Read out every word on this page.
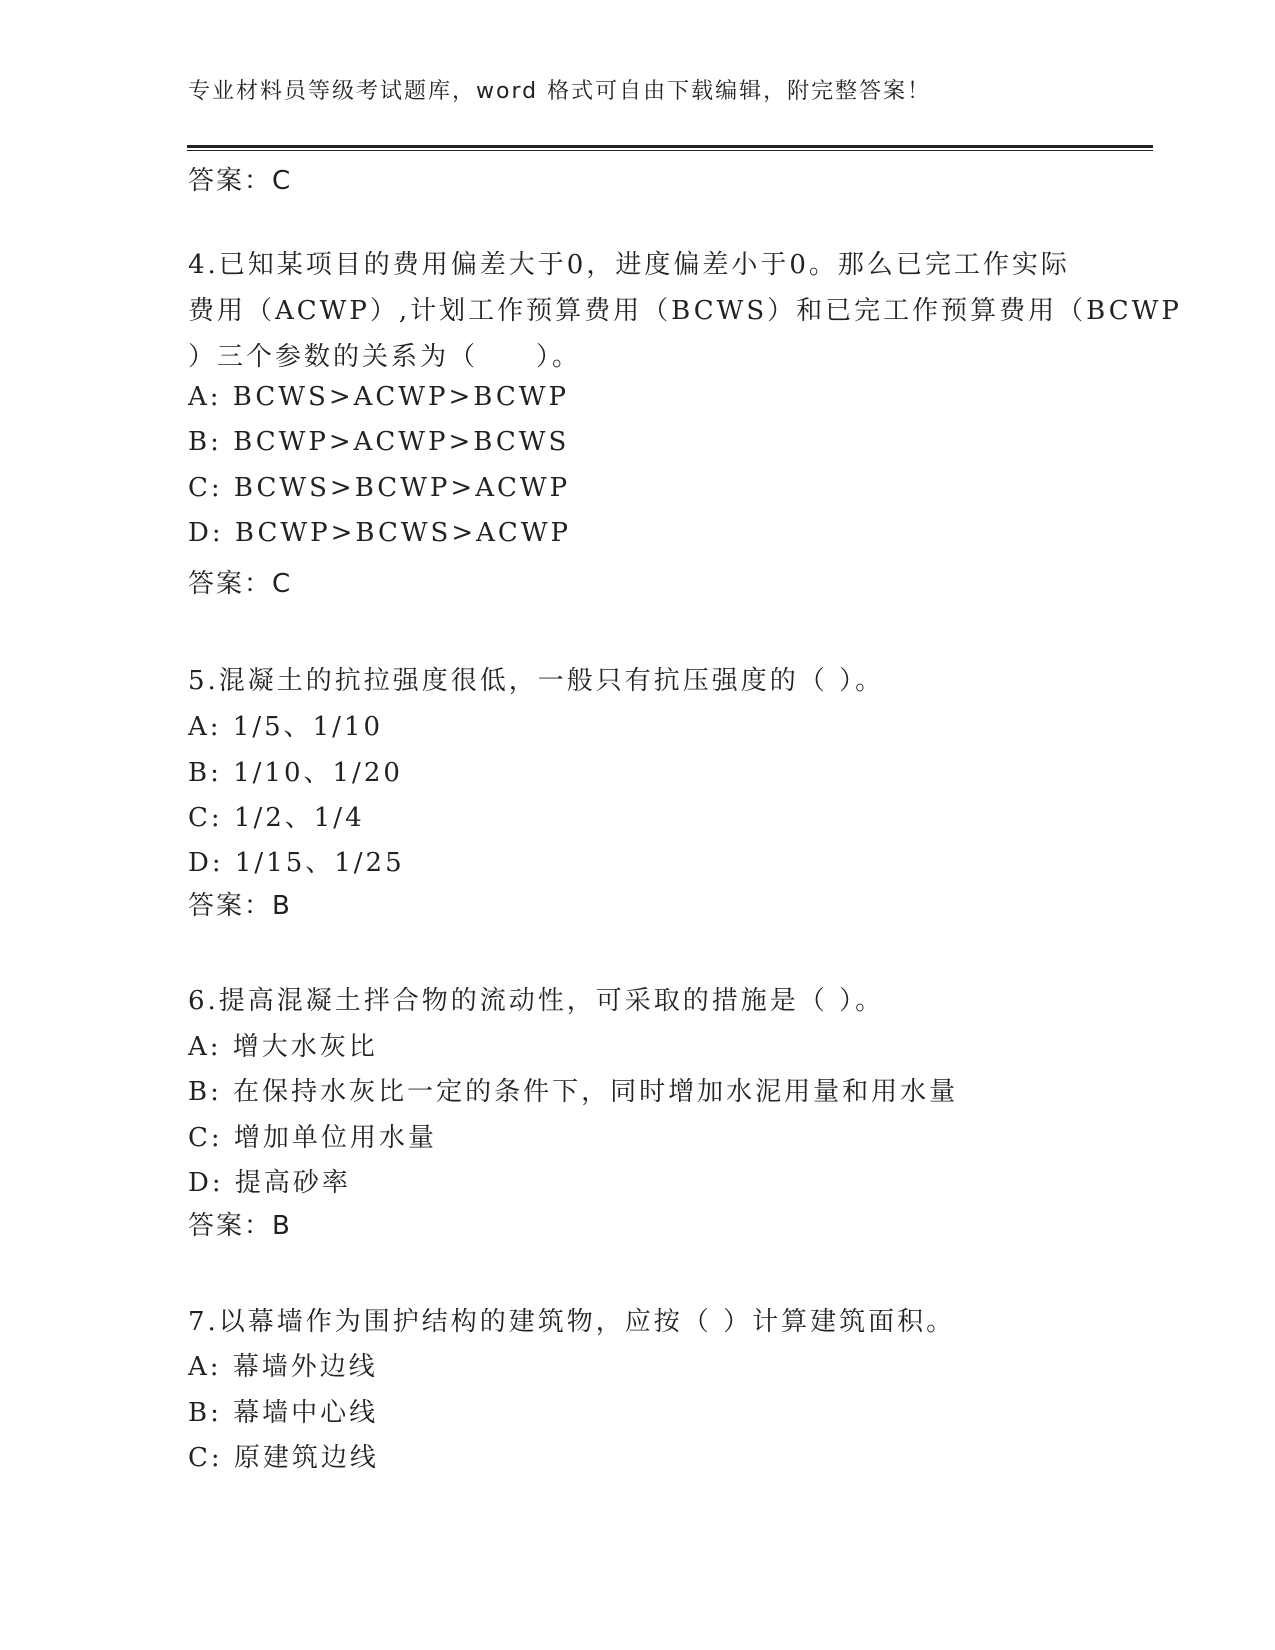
专业材料员等级考试题库，word 格式可自由下载编辑，附完整答案！
答案：C
4.已知某项目的费用偏差大于0，进度偏差小于0。那么已完工作实际
费用（ACWP）,计划工作预算费用（BCWS）和已完工作预算费用（BCWP
）三个参数的关系为（　　）。
A: BCWS>ACWP>BCWP
B: BCWP>ACWP>BCWS
C: BCWS>BCWP>ACWP
D: BCWP>BCWS>ACWP
答案：C
5.混凝土的抗拉强度很低，一般只有抗压强度的（ ）。
A: 1/5、1/10
B: 1/10、1/20
C: 1/2、1/4
D: 1/15、1/25
答案：B
6.提高混凝土拌合物的流动性，可采取的措施是（ ）。
A: 增大水灰比
B: 在保持水灰比一定的条件下，同时增加水泥用量和用水量
C: 增加单位用水量
D: 提高砂率
答案：B
7.以幕墙作为围护结构的建筑物，应按（ ）计算建筑面积。
A: 幕墙外边线
B: 幕墙中心线
C: 原建筑边线
